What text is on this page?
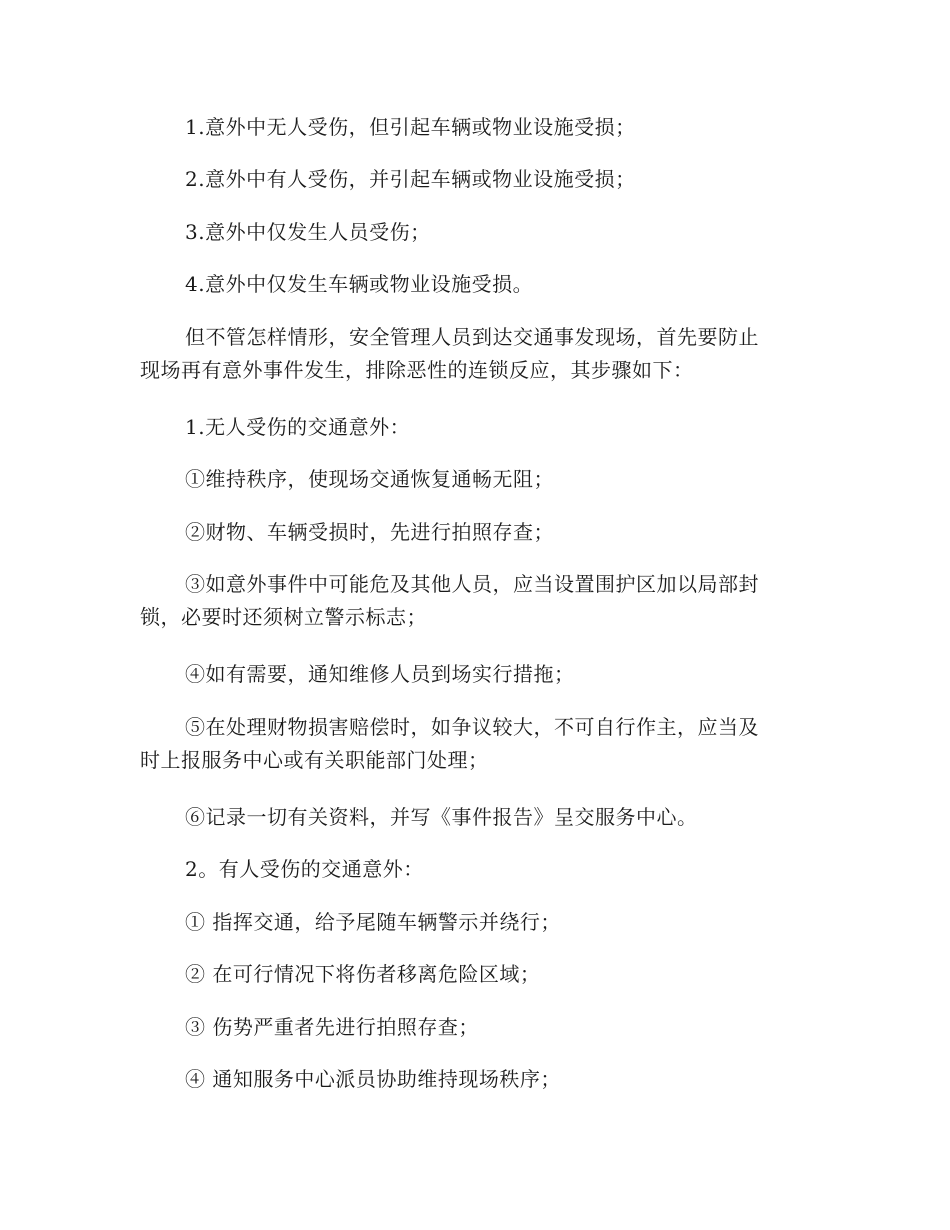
1.意外中无人受伤，但引起车辆或物业设施受损；
2.意外中有人受伤，并引起车辆或物业设施受损；
3.意外中仅发生人员受伤；
4.意外中仅发生车辆或物业设施受损。
但不管怎样情形，安全管理人员到达交通事发现场，首先要防止
现场再有意外事件发生，排除恶性的连锁反应，其步骤如下：
1.无人受伤的交通意外：
①维持秩序，使现场交通恢复通畅无阻；
②财物、车辆受损时，先进行拍照存查；
③如意外事件中可能危及其他人员，应当设置围护区加以局部封
锁，必要时还须树立警示标志；
④如有需要，通知维修人员到场实行措拖；
⑤在处理财物损害赔偿时，如争议较大，不可自行作主，应当及
时上报服务中心或有关职能部门处理；
⑥记录一切有关资料，并写《事件报告》呈交服务中心。
2。有人受伤的交通意外：
① 指挥交通，给予尾随车辆警示并绕行；
② 在可行情况下将伤者移离危险区域；
③ 伤势严重者先进行拍照存查；
④ 通知服务中心派员协助维持现场秩序；
